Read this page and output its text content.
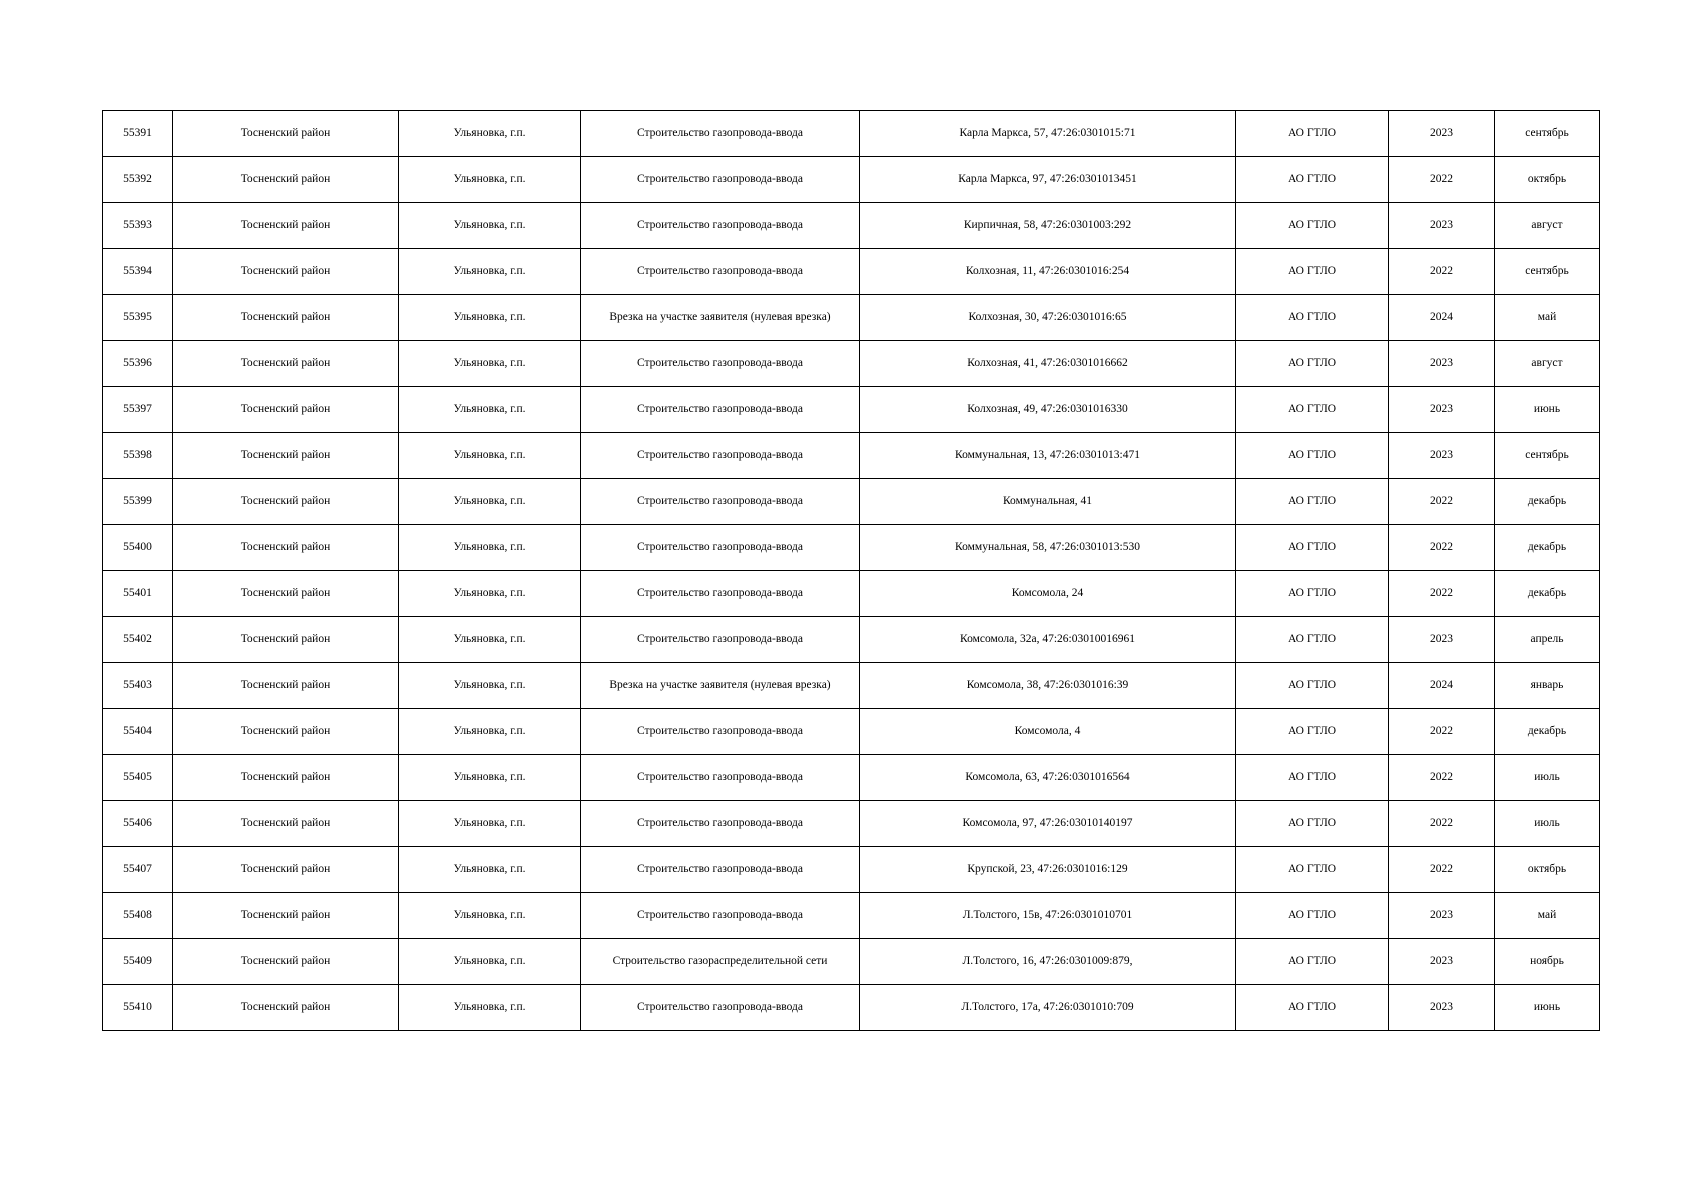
55391	Тосненский район	Ульяновка, г.п.	Строительство газопровода-ввода	Карла Маркса, 57, 47:26:0301015:71	АО ГТЛО	2023	сентябрь
55392	Тосненский район	Ульяновка, г.п.	Строительство газопровода-ввода	Карла Маркса, 97, 47:26:0301013451	АО ГТЛО	2022	октябрь
55393	Тосненский район	Ульяновка, г.п.	Строительство газопровода-ввода	Кирпичная, 58, 47:26:0301003:292	АО ГТЛО	2023	август
55394	Тосненский район	Ульяновка, г.п.	Строительство газопровода-ввода	Колхозная, 11, 47:26:0301016:254	АО ГТЛО	2022	сентябрь
55395	Тосненский район	Ульяновка, г.п.	Врезка на участке заявителя (нулевая врезка)	Колхозная, 30, 47:26:0301016:65	АО ГТЛО	2024	май
55396	Тосненский район	Ульяновка, г.п.	Строительство газопровода-ввода	Колхозная, 41, 47:26:0301016662	АО ГТЛО	2023	август
55397	Тосненский район	Ульяновка, г.п.	Строительство газопровода-ввода	Колхозная, 49, 47:26:0301016330	АО ГТЛО	2023	июнь
55398	Тосненский район	Ульяновка, г.п.	Строительство газопровода-ввода	Коммунальная, 13, 47:26:0301013:471	АО ГТЛО	2023	сентябрь
55399	Тосненский район	Ульяновка, г.п.	Строительство газопровода-ввода	Коммунальная, 41	АО ГТЛО	2022	декабрь
55400	Тосненский район	Ульяновка, г.п.	Строительство газопровода-ввода	Коммунальная, 58, 47:26:0301013:530	АО ГТЛО	2022	декабрь
55401	Тосненский район	Ульяновка, г.п.	Строительство газопровода-ввода	Комсомола, 24	АО ГТЛО	2022	декабрь
55402	Тосненский район	Ульяновка, г.п.	Строительство газопровода-ввода	Комсомола, 32а, 47:26:03010016961	АО ГТЛО	2023	апрель
55403	Тосненский район	Ульяновка, г.п.	Врезка на участке заявителя (нулевая врезка)	Комсомола, 38, 47:26:0301016:39	АО ГТЛО	2024	январь
55404	Тосненский район	Ульяновка, г.п.	Строительство газопровода-ввода	Комсомола, 4	АО ГТЛО	2022	декабрь
55405	Тосненский район	Ульяновка, г.п.	Строительство газопровода-ввода	Комсомола, 63, 47:26:0301016564	АО ГТЛО	2022	июль
55406	Тосненский район	Ульяновка, г.п.	Строительство газопровода-ввода	Комсомола, 97, 47:26:03010140197	АО ГТЛО	2022	июль
55407	Тосненский район	Ульяновка, г.п.	Строительство газопровода-ввода	Крупской, 23, 47:26:0301016:129	АО ГТЛО	2022	октябрь
55408	Тосненский район	Ульяновка, г.п.	Строительство газопровода-ввода	Л.Толстого, 15в, 47:26:0301010701	АО ГТЛО	2023	май
55409	Тосненский район	Ульяновка, г.п.	Строительство газораспределительной сети	Л.Толстого, 16, 47:26:0301009:879,	АО ГТЛО	2023	ноябрь
55410	Тосненский район	Ульяновка, г.п.	Строительство газопровода-ввода	Л.Толстого, 17а, 47:26:0301010:709	АО ГТЛО	2023	июнь
